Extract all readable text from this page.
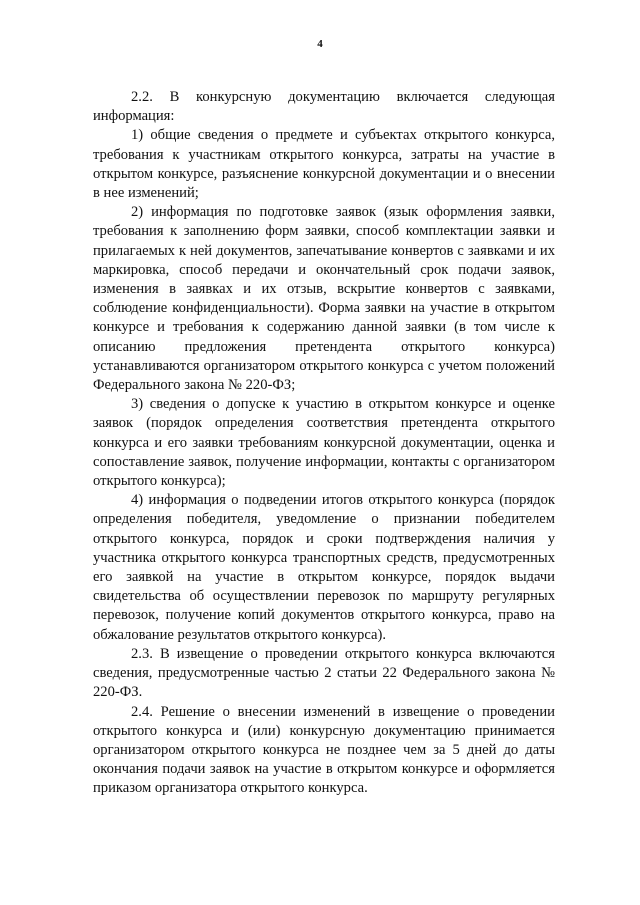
4

2.2. В конкурсную документацию включается следующая информация:

1) общие сведения о предмете и субъектах открытого конкурса, требования к участникам открытого конкурса, затраты на участие в открытом конкурсе, разъяснение конкурсной документации и о внесении в нее изменений;

2) информация по подготовке заявок (язык оформления заявки, требования к заполнению форм заявки, способ комплектации заявки и прилагаемых к ней документов, запечатывание конвертов с заявками и их маркировка, способ передачи и окончательный срок подачи заявок, изменения в заявках и их отзыв, вскрытие конвертов с заявками, соблюдение конфиденциальности). Форма заявки на участие в открытом конкурсе и требования к содержанию данной заявки (в том числе к описанию предложения претендента открытого конкурса) устанавливаются организатором открытого конкурса с учетом положений Федерального закона № 220-ФЗ;

3) сведения о допуске к участию в открытом конкурсе и оценке заявок (порядок определения соответствия претендента открытого конкурса и его заявки требованиям конкурсной документации, оценка и сопоставление заявок, получение информации, контакты с организатором открытого конкурса);

4) информация о подведении итогов открытого конкурса (порядок определения победителя, уведомление о признании победителем открытого конкурса, порядок и сроки подтверждения наличия у участника открытого конкурса транспортных средств, предусмотренных его заявкой на участие в открытом конкурсе, порядок выдачи свидетельства об осуществлении перевозок по маршруту регулярных перевозок, получение копий документов открытого конкурса, право на обжалование результатов открытого конкурса).

2.3. В извещение о проведении открытого конкурса включаются сведения, предусмотренные частью 2 статьи 22 Федерального закона № 220-ФЗ.

2.4. Решение о внесении изменений в извещение о проведении открытого конкурса и (или) конкурсную документацию принимается организатором открытого конкурса не позднее чем за 5 дней до даты окончания подачи заявок на участие в открытом конкурсе и оформляется приказом организатора открытого конкурса.
